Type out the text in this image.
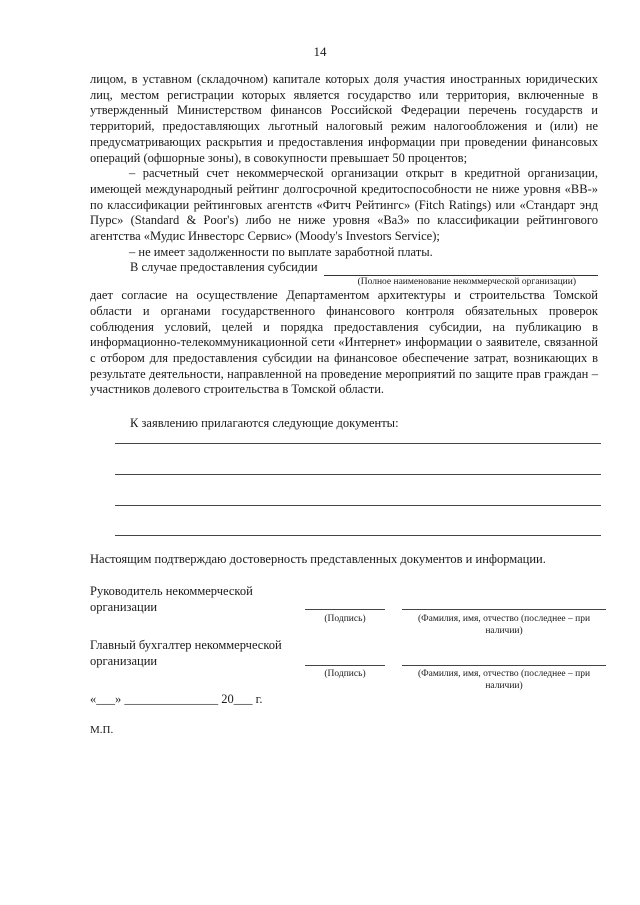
14

лицом, в уставном (складочном) капитале которых доля участия иностранных юридических лиц, местом регистрации которых является государство или территория, включенные в утвержденный Министерством финансов Российской Федерации перечень государств и территорий, предоставляющих льготный налоговый режим налогообложения и (или) не предусматривающих раскрытия и предоставления информации при проведении финансовых операций (офшорные зоны), в совокупности превышает 50 процентов;

– расчетный счет некоммерческой организации открыт в кредитной организации, имеющей международный рейтинг долгосрочной кредитоспособности не ниже уровня «BB-» по классификации рейтинговых агентств «Фитч Рейтингс» (Fitch Ratings) или «Стандарт энд Пурс» (Standard & Poor's) либо не ниже уровня «Ba3» по классификации рейтингового агентства «Мудис Инвесторс Сервис» (Moody's Investors Service);

– не имеет задолженности по выплате заработной платы.

В случае предоставления субсидии
(Полное наименование некоммерческой организации)

дает согласие на осуществление Департаментом архитектуры и строительства Томской области и органами государственного финансового контроля обязательных проверок соблюдения условий, целей и порядка предоставления субсидии, на публикацию в информационно-телекоммуникационной сети «Интернет» информации о заявителе, связанной с отбором для предоставления субсидии на финансовое обеспечение затрат, возникающих в результате деятельности, направленной на проведение мероприятий по защите прав граждан – участников долевого строительства в Томской области.

К заявлению прилагаются следующие документы:
Настоящим подтверждаю достоверность представленных документов и информации.
Руководитель некоммерческой организации
(Подпись)	(Фамилия, имя, отчество (последнее – при наличии)
Главный бухгалтер некоммерческой организации
(Подпись)	(Фамилия, имя, отчество (последнее – при наличии)
«___» _______________ 20___ г.
М.П.
